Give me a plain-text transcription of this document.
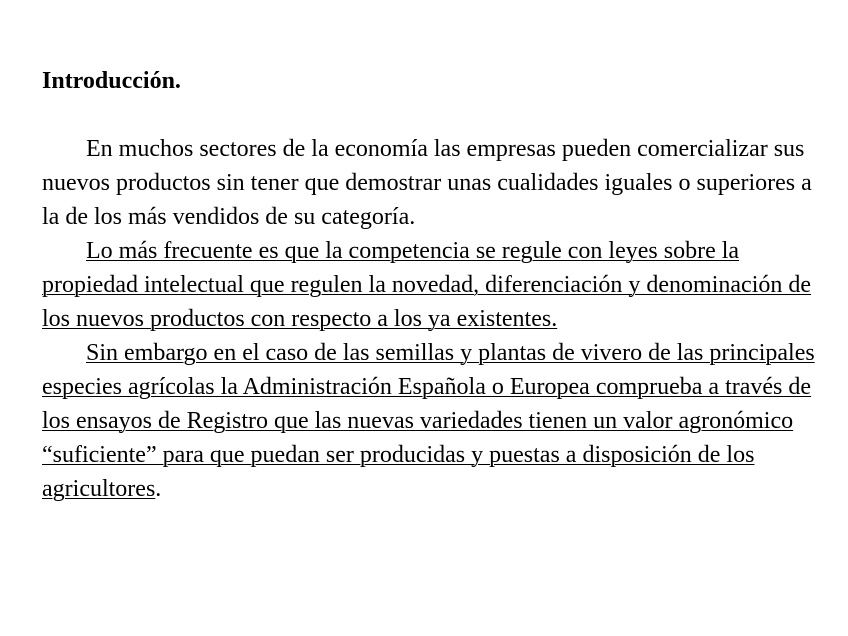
Introducción.

En muchos sectores de la economía las empresas pueden comercializar sus nuevos productos sin tener que demostrar unas cualidades iguales o superiores a la de los más vendidos de su categoría.

Lo más frecuente es que la competencia se regule con leyes sobre la propiedad intelectual que regulen la novedad, diferenciación y denominación de los nuevos productos con respecto a los ya existentes.

Sin embargo en el caso de las semillas y plantas de vivero de las principales especies agrícolas la Administración Española o Europea comprueba a través de los ensayos de Registro que las nuevas variedades tienen un valor agronómico “suficiente” para que puedan ser producidas y puestas a disposición de los agricultores.
